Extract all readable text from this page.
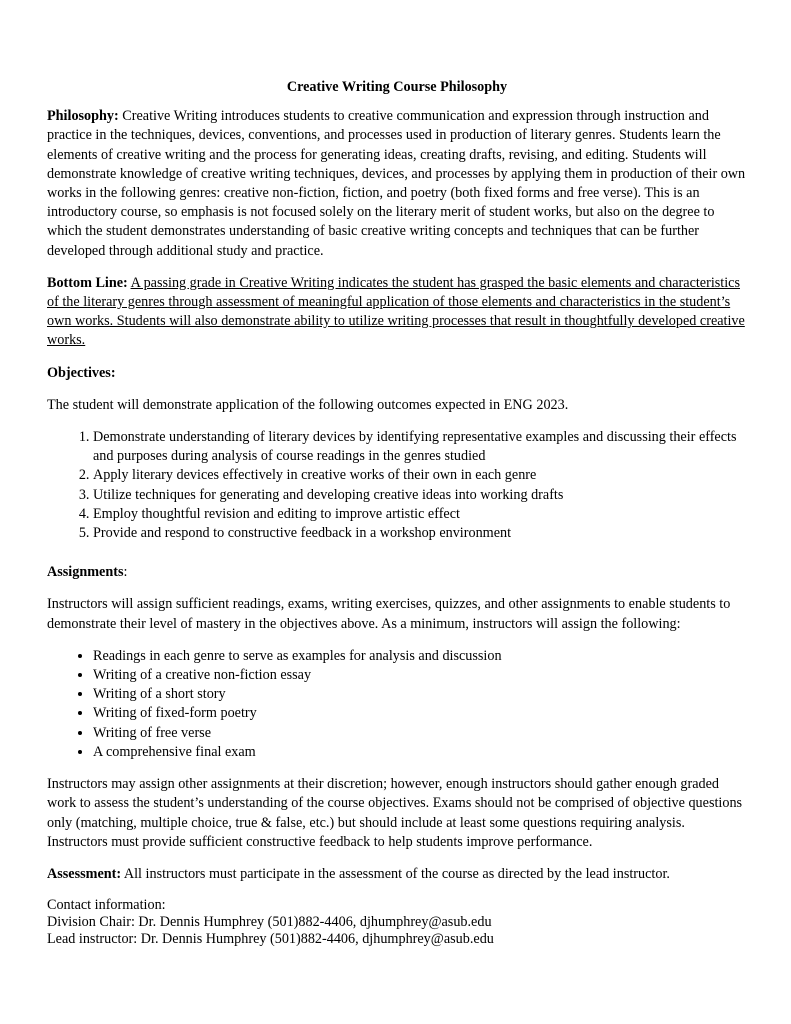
Creative Writing Course Philosophy

Philosophy: Creative Writing introduces students to creative communication and expression through instruction and practice in the techniques, devices, conventions, and processes used in production of literary genres. Students learn the elements of creative writing and the process for generating ideas, creating drafts, revising, and editing. Students will demonstrate knowledge of creative writing techniques, devices, and processes by applying them in production of their own works in the following genres: creative non-fiction, fiction, and poetry (both fixed forms and free verse). This is an introductory course, so emphasis is not focused solely on the literary merit of student works, but also on the degree to which the student demonstrates understanding of basic creative writing concepts and techniques that can be further developed through additional study and practice.

Bottom Line: A passing grade in Creative Writing indicates the student has grasped the basic elements and characteristics of the literary genres through assessment of meaningful application of those elements and characteristics in the student’s own works. Students will also demonstrate ability to utilize writing processes that result in thoughtfully developed creative works.

Objectives:

The student will demonstrate application of the following outcomes expected in ENG 2023.

1. Demonstrate understanding of literary devices by identifying representative examples and discussing their effects and purposes during analysis of course readings in the genres studied
2. Apply literary devices effectively in creative works of their own in each genre
3. Utilize techniques for generating and developing creative ideas into working drafts
4. Employ thoughtful revision and editing to improve artistic effect
5. Provide and respond to constructive feedback in a workshop environment

Assignments:

Instructors will assign sufficient readings, exams, writing exercises, quizzes, and other assignments to enable students to demonstrate their level of mastery in the objectives above. As a minimum, instructors will assign the following:

• Readings in each genre to serve as examples for analysis and discussion
• Writing of a creative non-fiction essay
• Writing of a short story
• Writing of fixed-form poetry
• Writing of free verse
• A comprehensive final exam

Instructors may assign other assignments at their discretion; however, enough instructors should gather enough graded work to assess the student’s understanding of the course objectives. Exams should not be comprised of objective questions only (matching, multiple choice, true & false, etc.) but should include at least some questions requiring analysis. Instructors must provide sufficient constructive feedback to help students improve performance.

Assessment: All instructors must participate in the assessment of the course as directed by the lead instructor.

Contact information:

Division Chair: Dr. Dennis Humphrey (501)882-4406, djhumphrey@asub.edu

Lead instructor: Dr. Dennis Humphrey (501)882-4406, djhumphrey@asub.edu
